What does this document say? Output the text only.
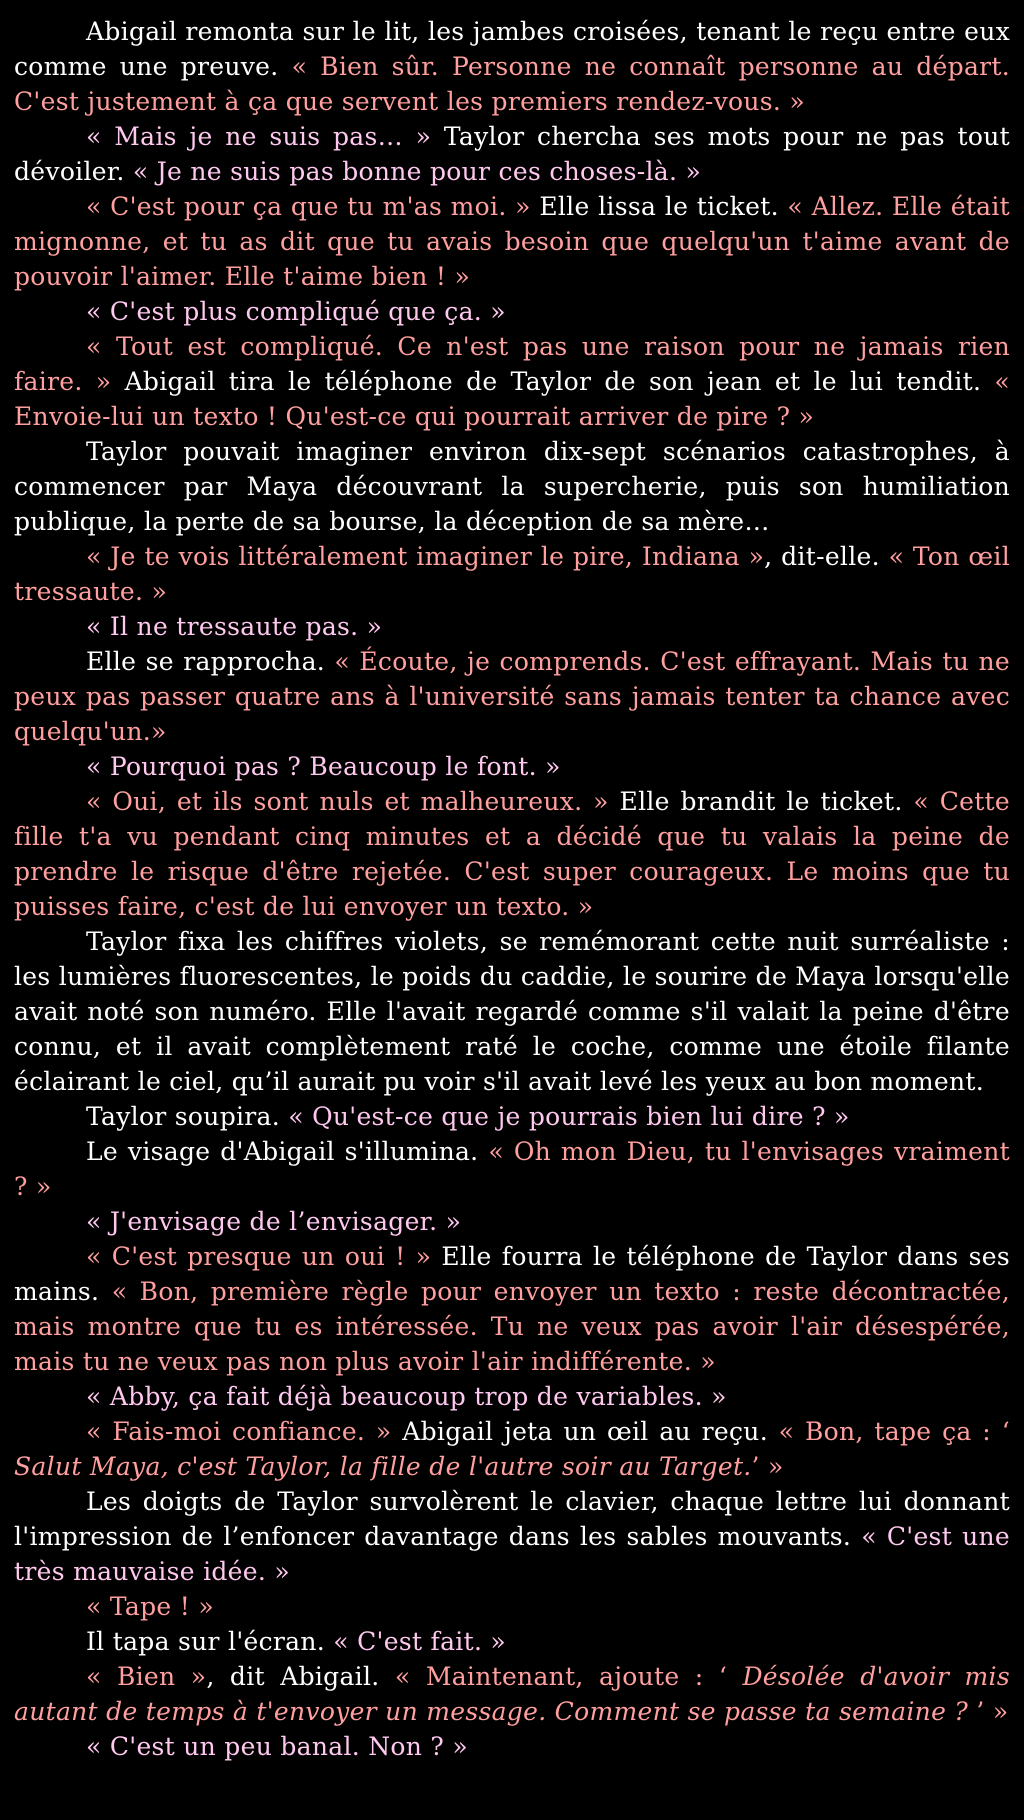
Abigail remonta sur le lit, les jambes croisées, tenant le reçu entre eux comme une preuve. « Bien sûr. Personne ne connaît personne au départ. C'est justement à ça que servent les premiers rendez-vous. »

« Mais je ne suis pas… » Taylor chercha ses mots pour ne pas tout dévoiler. « Je ne suis pas bonne pour ces choses-là. »

« C'est pour ça que tu m'as moi. » Elle lissa le ticket. « Allez. Elle était mignonne, et tu as dit que tu avais besoin que quelqu'un t'aime avant de pouvoir l'aimer. Elle t'aime bien ! »

« C'est plus compliqué que ça. »

« Tout est compliqué. Ce n'est pas une raison pour ne jamais rien faire. » Abigail tira le téléphone de Taylor de son jean et le lui tendit. « Envoie-lui un texto ! Qu'est-ce qui pourrait arriver de pire ? »

Taylor pouvait imaginer environ dix-sept scénarios catastrophes, à commencer par Maya découvrant la supercherie, puis son humiliation publique, la perte de sa bourse, la déception de sa mère…

« Je te vois littéralement imaginer le pire, Indiana », dit-elle. « Ton œil tressaute. »

« Il ne tressaute pas. »

Elle se rapprocha. « Écoute, je comprends. C'est effrayant. Mais tu ne peux pas passer quatre ans à l'université sans jamais tenter ta chance avec quelqu'un.»

« Pourquoi pas ? Beaucoup le font. »

« Oui, et ils sont nuls et malheureux. » Elle brandit le ticket. « Cette fille t'a vu pendant cinq minutes et a décidé que tu valais la peine de prendre le risque d'être rejetée. C'est super courageux. Le moins que tu puisses faire, c'est de lui envoyer un texto. »

Taylor fixa les chiffres violets, se remémorant cette nuit surréaliste : les lumières fluorescentes, le poids du caddie, le sourire de Maya lorsqu'elle avait noté son numéro. Elle l'avait regardé comme s'il valait la peine d'être connu, et il avait complètement raté le coche, comme une étoile filante éclairant le ciel, qu’il aurait pu voir s'il avait levé les yeux au bon moment.

Taylor soupira. « Qu'est-ce que je pourrais bien lui dire ? »

Le visage d'Abigail s'illumina. « Oh mon Dieu, tu l'envisages vraiment ? »

« J'envisage de l’envisager. »

« C'est presque un oui ! » Elle fourra le téléphone de Taylor dans ses mains. « Bon, première règle pour envoyer un texto : reste décontractée, mais montre que tu es intéressée. Tu ne veux pas avoir l'air désespérée, mais tu ne veux pas non plus avoir l'air indifférente. »

« Abby, ça fait déjà beaucoup trop de variables. »

« Fais-moi confiance. » Abigail jeta un œil au reçu. « Bon, tape ça : ‘ Salut Maya, c'est Taylor, la fille de l'autre soir au Target.’ »

Les doigts de Taylor survolèrent le clavier, chaque lettre lui donnant l'impression de l’enfoncer davantage dans les sables mouvants. « C'est une très mauvaise idée. »

« Tape ! »

Il tapa sur l'écran. « C'est fait. »

« Bien », dit Abigail. « Maintenant, ajoute : ‘ Désolée d'avoir mis autant de temps à t'envoyer un message. Comment se passe ta semaine ? ’ »

« C'est un peu banal. Non ? »
